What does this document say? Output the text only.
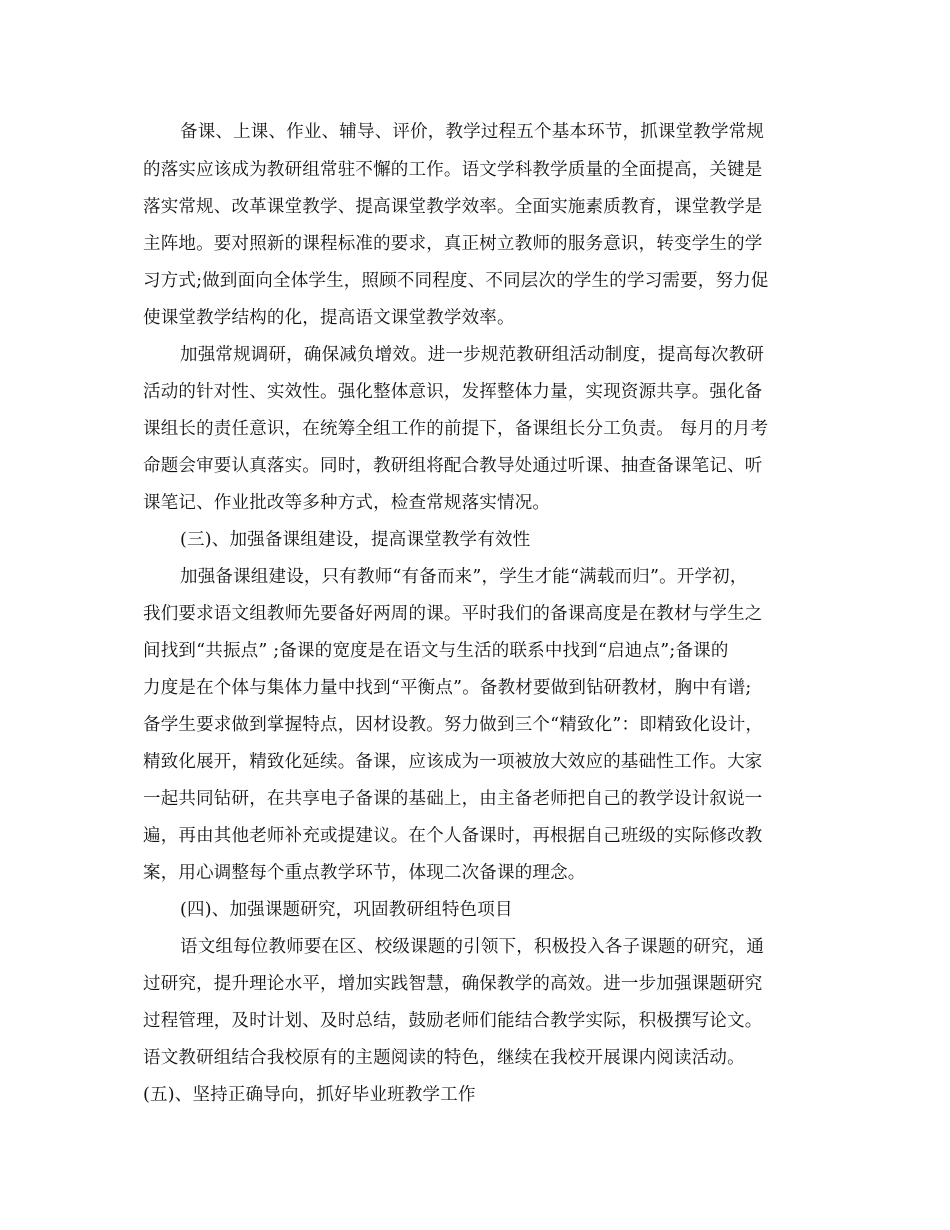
备课、上课、作业、辅导、评价，教学过程五个基本环节，抓课堂教学常规
的落实应该成为教研组常驻不懈的工作。语文学科教学质量的全面提高，关键是
落实常规、改革课堂教学、提高课堂教学效率。全面实施素质教育，课堂教学是
主阵地。要对照新的课程标准的要求，真正树立教师的服务意识，转变学生的学
习方式;做到面向全体学生，照顾不同程度、不同层次的学生的学习需要，努力促
使课堂教学结构的化，提高语文课堂教学效率。
加强常规调研，确保减负增效。进一步规范教研组活动制度，提高每次教研
活动的针对性、实效性。强化整体意识，发挥整体力量，实现资源共享。强化备
课组长的责任意识，在统筹全组工作的前提下，备课组长分工负责。 每月的月考
命题会审要认真落实。同时，教研组将配合教导处通过听课、抽查备课笔记、听
课笔记、作业批改等多种方式，检查常规落实情况。
(三)、加强备课组建设，提高课堂教学有效性
加强备课组建设，只有教师“有备而来”，学生才能“满载而归”。开学初，
我们要求语文组教师先要备好两周的课。平时我们的备课高度是在教材与学生之
间找到“共振点” ;备课的宽度是在语文与生活的联系中找到“启迪点”;备课的
力度是在个体与集体力量中找到“平衡点”。备教材要做到钻研教材，胸中有谱;
备学生要求做到掌握特点，因材设教。努力做到三个“精致化”：即精致化设计，
精致化展开，精致化延续。备课，应该成为一项被放大效应的基础性工作。大家
一起共同钻研，在共享电子备课的基础上，由主备老师把自己的教学设计叙说一
遍，再由其他老师补充或提建议。在个人备课时，再根据自己班级的实际修改教
案，用心调整每个重点教学环节，体现二次备课的理念。
(四)、加强课题研究，巩固教研组特色项目
语文组每位教师要在区、校级课题的引领下，积极投入各子课题的研究，通
过研究，提升理论水平，增加实践智慧，确保教学的高效。进一步加强课题研究
过程管理，及时计划、及时总结，鼓励老师们能结合教学实际，积极撰写论文。
语文教研组结合我校原有的主题阅读的特色，继续在我校开展课内阅读活动。
(五)、坚持正确导向，抓好毕业班教学工作
